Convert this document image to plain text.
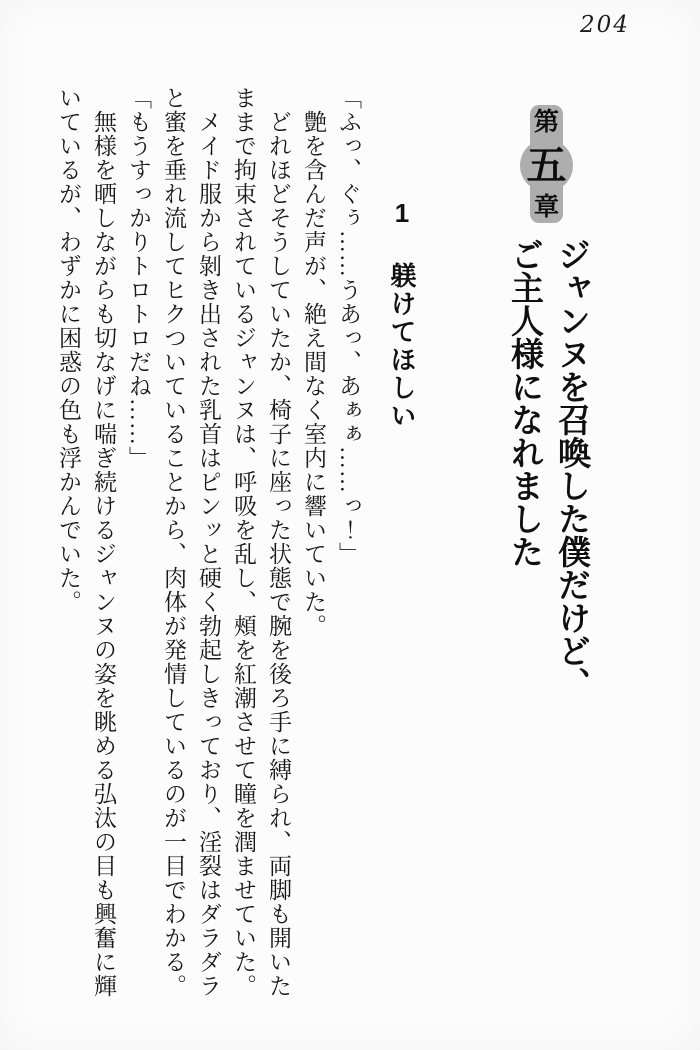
204
第
五
章
ジャンヌを召喚した僕だけど、
ご主人様になれました
1 躾けてほしい
「ふっ、ぐぅ……うあっ、あぁぁ……っ！」
艶を含んだ声が、絶え間なく室内に響いていた。
どれほどそうしていたか、椅子に座った状態で腕を後ろ手に縛られ、両脚も開いた
ままで拘束されているジャンヌは、呼吸を乱し、頰を紅潮させて瞳を潤ませていた。
メイド服から剝き出された乳首はピンッと硬く勃起しきっており、淫裂はダラダラ
と蜜を垂れ流してヒクついていることから、肉体が発情しているのが一目でわかる。
「もうすっかりトロトロだね……」
無様を晒しながらも切なげに喘ぎ続けるジャンヌの姿を眺める弘汰の目も興奮に輝
いているが、わずかに困惑の色も浮かんでいた。
